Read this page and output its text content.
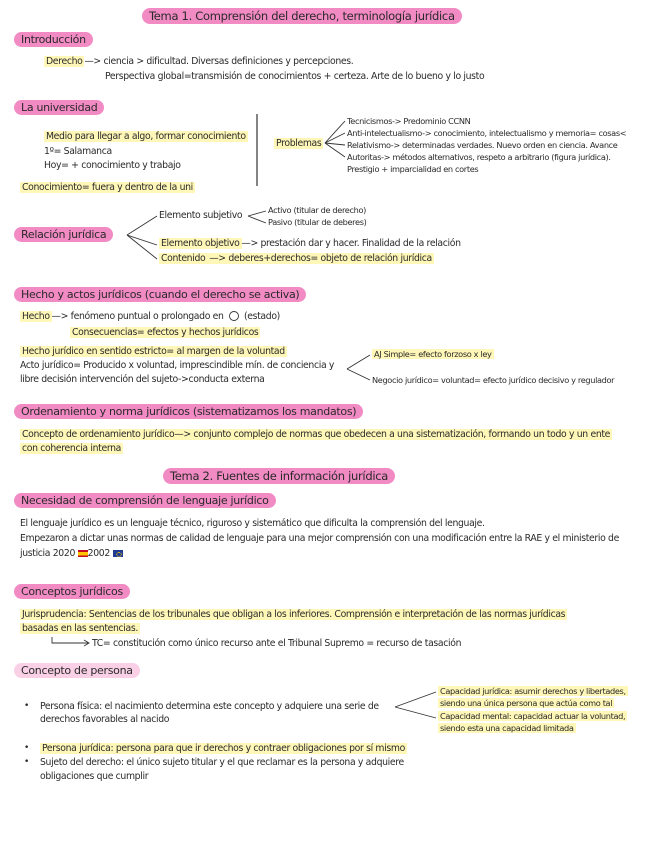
Tema 1. Comprensión del derecho, terminología jurídica
Introducción
Derecho —> ciencia > dificultad. Diversas definiciones y percepciones.
Perspectiva global=transmisión de conocimientos + certeza. Arte de lo bueno y lo justo
La universidad
Medio para llegar a algo, formar conocimiento
1º= Salamanca
Hoy= + conocimiento y trabajo
Conocimiento= fuera y dentro de la uni
Problemas
Tecnicismos-> Predominio CCNN
Anti-intelectualismo-> conocimiento, intelectualismo y memoria= cosas<
Relativismo-> determinadas verdades. Nuevo orden en ciencia. Avance
Autoritas-> métodos alternativos, respeto a arbitrario (figura jurídica).
Prestigio + imparcialidad en cortes
Relación jurídica
Elemento subjetivo	Activo (titular de derecho)
Pasivo (titular de deberes)
Elemento objetivo —> prestación dar y hacer. Finalidad de la relación
Contenido —> deberes+derechos= objeto de relación jurídica
Hecho y actos jurídicos (cuando el derecho se activa)
Hecho —> fenómeno puntual o prolongado en (estado)
Consecuencias= efectos y hechos jurídicos
Hecho jurídico en sentido estricto= al margen de la voluntad
Acto jurídico= Producido x voluntad, imprescindible mín. de conciencia y
libre decisión intervención del sujeto->conducta externa
AJ Simple= efecto forzoso x ley
Negocio jurídico= voluntad= efecto jurídico decisivo y regulador
Ordenamiento y norma jurídicos (sistematizamos los mandatos)
Concepto de ordenamiento jurídico—> conjunto complejo de normas que obedecen a una sistematización, formando un todo y un ente
con coherencia interna
Tema 2. Fuentes de información jurídica
Necesidad de comprensión de lenguaje jurídico
El lenguaje jurídico es un lenguaje técnico, riguroso y sistemático que dificulta la comprensión del lenguaje.
Empezaron a dictar unas normas de calidad de lenguaje para una mejor comprensión con una modificación entre la RAE y el ministerio de
justicia 2020 2002
Conceptos jurídicos
Jurisprudencia: Sentencias de los tribunales que obligan a los inferiores. Comprensión e interpretación de las normas jurídicas
basadas en las sentencias.
TC= constitución como único recurso ante el Tribunal Supremo = recurso de tasación
Concepto de persona
• Persona física: el nacimiento determina este concepto y adquiere una serie de
derechos favorables al nacido
Capacidad jurídica: asumir derechos y libertades,
siendo una única persona que actúa como tal
Capacidad mental: capacidad actuar la voluntad,
siendo esta una capacidad limitada
• Persona jurídica: persona para que ir derechos y contraer obligaciones por sí mismo
• Sujeto del derecho: el único sujeto titular y el que reclamar es la persona y adquiere
obligaciones que cumplir
